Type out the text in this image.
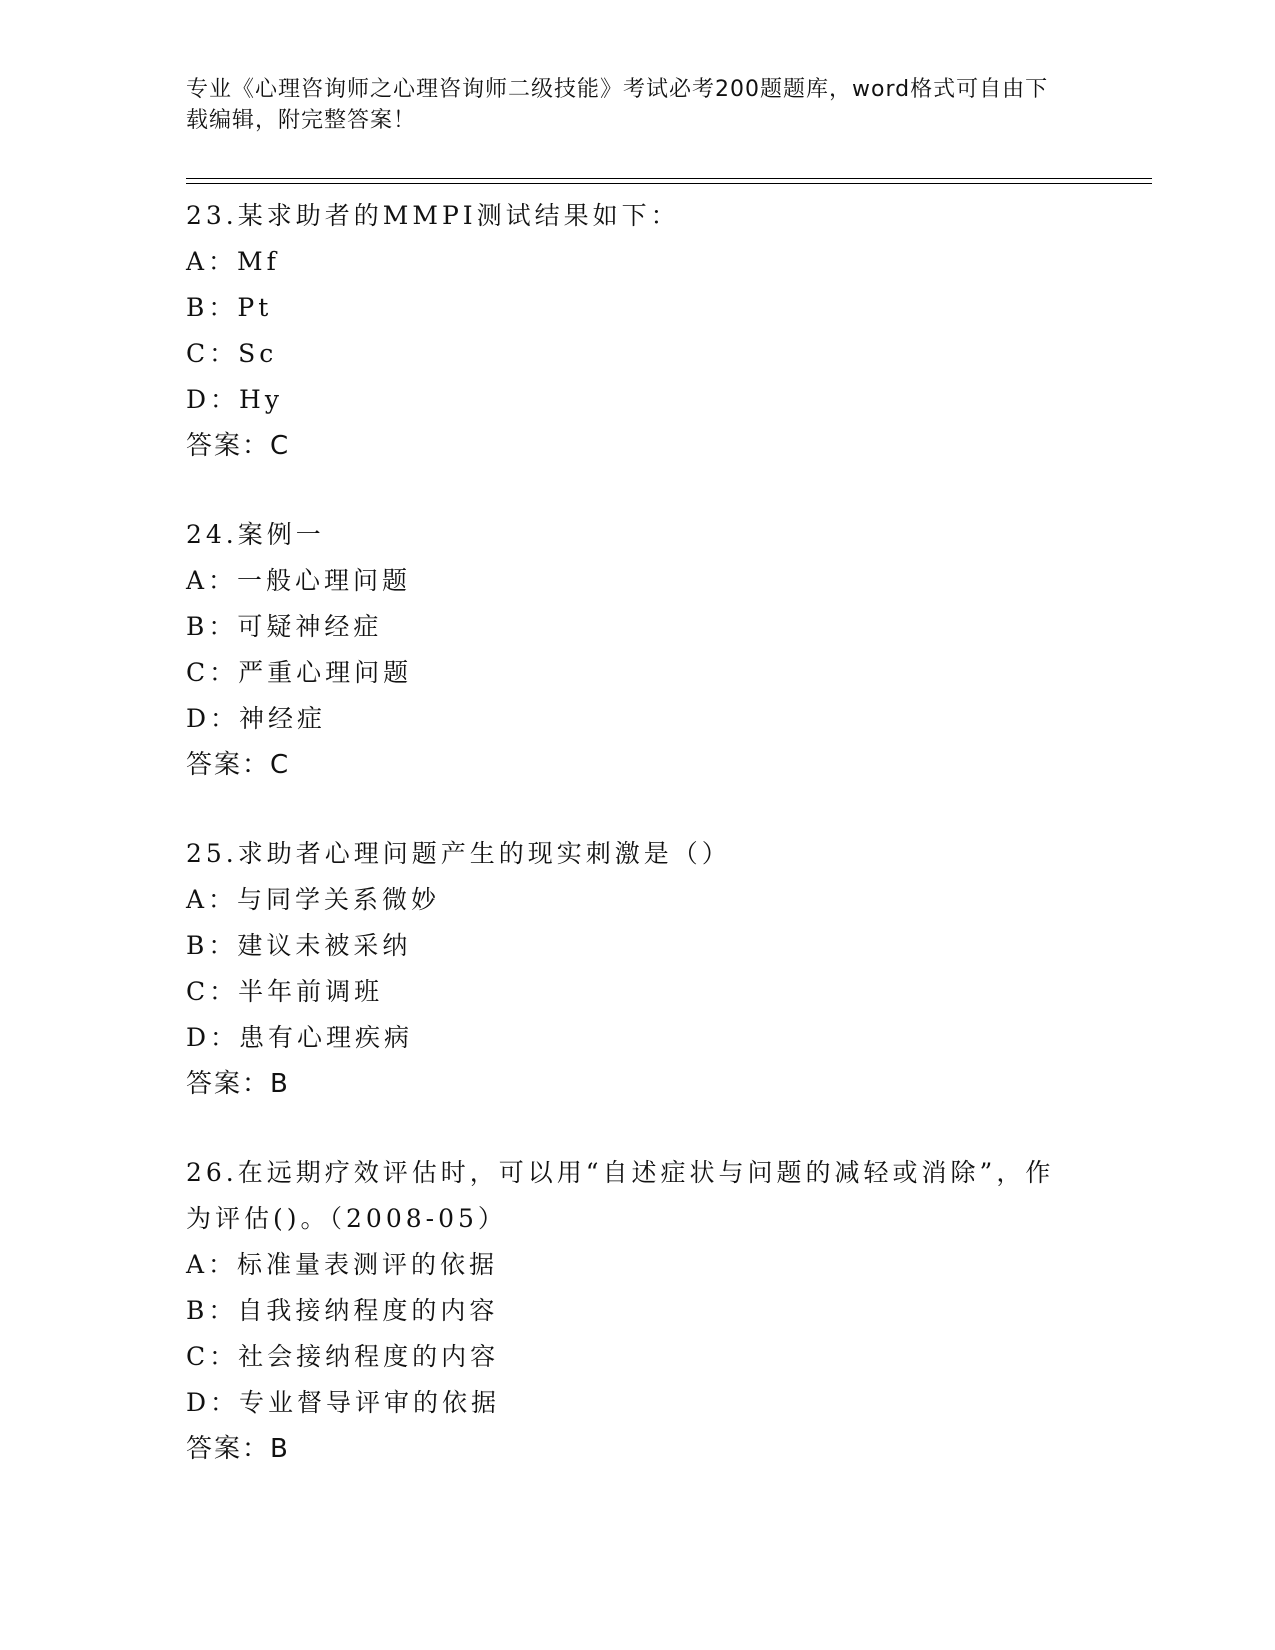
专业《心理咨询师之心理咨询师二级技能》考试必考200题题库，word格式可自由下载编辑，附完整答案！
23.某求助者的MMPI测试结果如下：
A：Mf
B：Pt
C：Sc
D：Hy
答案：C
24.案例一
A：一般心理问题
B：可疑神经症
C：严重心理问题
D：神经症
答案：C
25.求助者心理问题产生的现实刺激是（）
A：与同学关系微妙
B：建议未被采纳
C：半年前调班
D：患有心理疾病
答案：B
26.在远期疗效评估时，可以用“自述症状与问题的减轻或消除”，作为评估()。（2008-05）
A：标准量表测评的依据
B：自我接纳程度的内容
C：社会接纳程度的内容
D：专业督导评审的依据
答案：B
